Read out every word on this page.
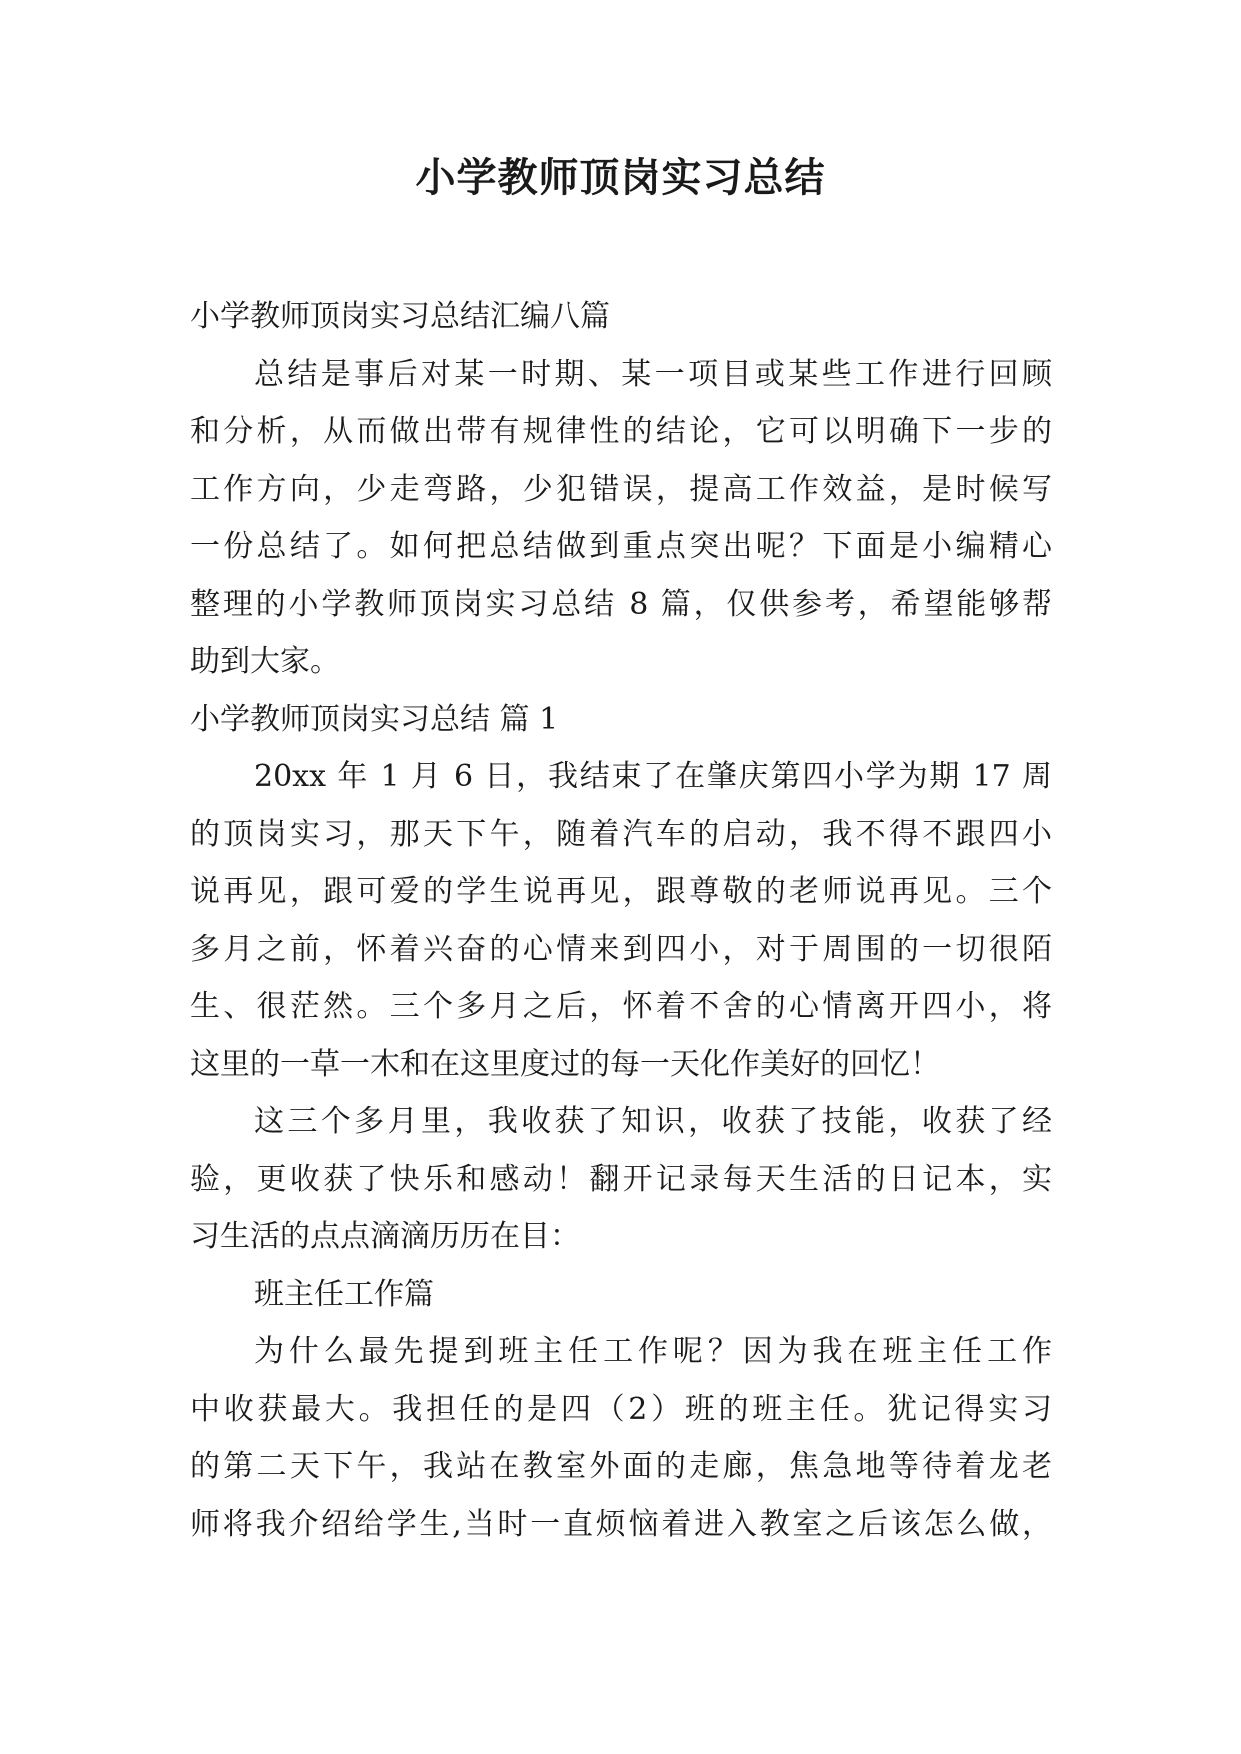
小学教师顶岗实习总结

小学教师顶岗实习总结汇编八篇

总结是事后对某一时期、某一项目或某些工作进行回顾

和分析，从而做出带有规律性的结论，它可以明确下一步的

工作方向，少走弯路，少犯错误，提高工作效益，是时候写

一份总结了。如何把总结做到重点突出呢？下面是小编精心

整理的小学教师顶岗实习总结 8 篇，仅供参考，希望能够帮

助到大家。

小学教师顶岗实习总结 篇 1

20xx 年 1 月 6 日，我结束了在肇庆第四小学为期 17 周

的顶岗实习，那天下午，随着汽车的启动，我不得不跟四小

说再见，跟可爱的学生说再见，跟尊敬的老师说再见。三个

多月之前，怀着兴奋的心情来到四小，对于周围的一切很陌

生、很茫然。三个多月之后，怀着不舍的心情离开四小，将

这里的一草一木和在这里度过的每一天化作美好的回忆！

这三个多月里，我收获了知识，收获了技能，收获了经

验，更收获了快乐和感动！翻开记录每天生活的日记本，实

习生活的点点滴滴历历在目：

班主任工作篇

为什么最先提到班主任工作呢？因为我在班主任工作

中收获最大。我担任的是四（2）班的班主任。犹记得实习

的第二天下午，我站在教室外面的走廊，焦急地等待着龙老

师将我介绍给学生,当时一直烦恼着进入教室之后该怎么做，
